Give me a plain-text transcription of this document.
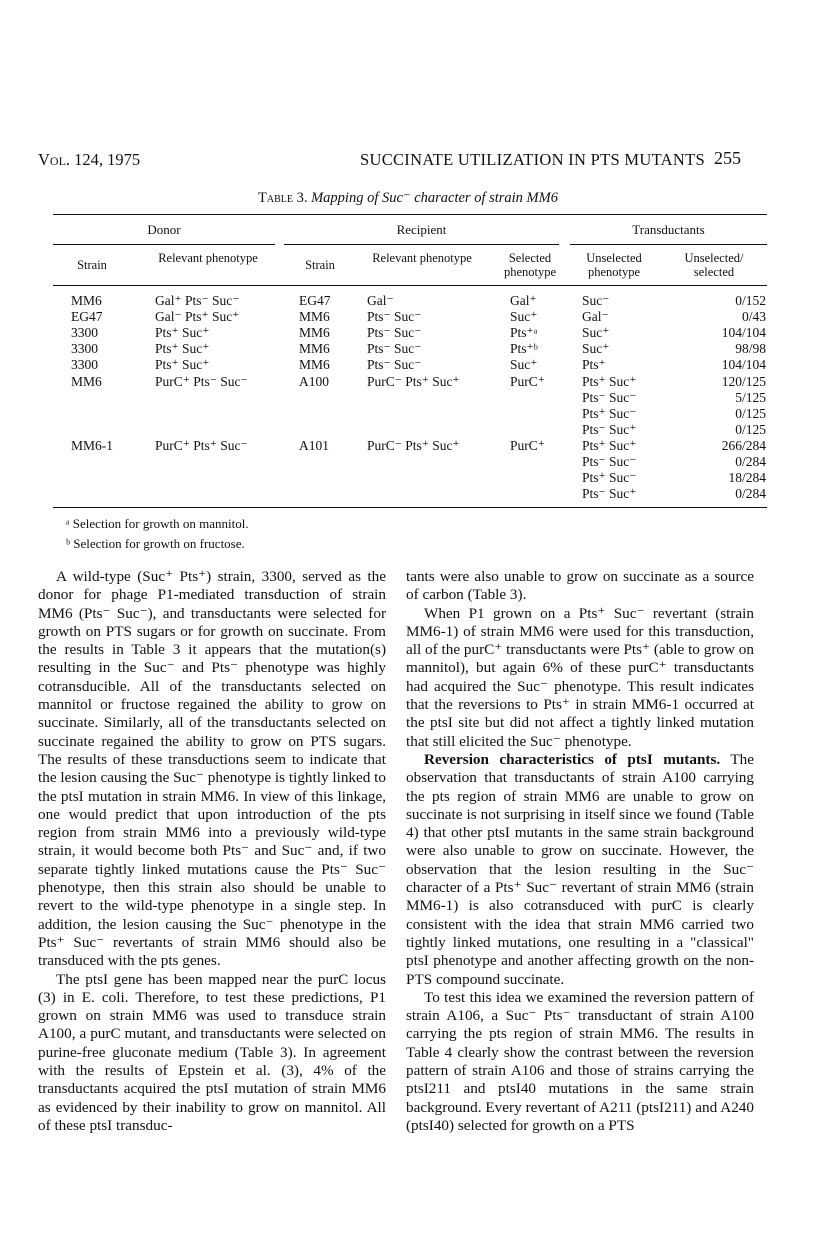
Vol. 124, 1975	SUCCINATE UTILIZATION IN PTS MUTANTS 255
Table 3. Mapping of Suc⁻ character of strain MM6
Donor	Recipient	Transductants
Strain	Relevant phenotype	Strain	Relevant phenotype	Selected phenotype
Unselected phenotype
Unselected/ selected
MM6	Gal⁺ Pts⁻ Suc⁻	EG47	Gal⁻	Gal⁺	Suc⁻	0/152
EG47	Gal⁻ Pts⁺ Suc⁺	MM6	Pts⁻ Suc⁻	Suc⁺	Gal⁻	0/43
3300	Pts⁺ Suc⁺	MM6	Pts⁻ Suc⁻	Pts⁺ᵃ	Suc⁺	104/104
3300	Pts⁺ Suc⁺	MM6	Pts⁻ Suc⁻	Pts⁺ᵇ	Suc⁺	98/98
3300	Pts⁺ Suc⁺	MM6	Pts⁻ Suc⁻	Suc⁺	Pts⁺	104/104
MM6	PurC⁺ Pts⁻ Suc⁻	A100	PurC⁻ Pts⁺ Suc⁺	PurC⁺	Pts⁺ Suc⁺	120/125
Pts⁻ Suc⁻	5/125
Pts⁺ Suc⁻	0/125
Pts⁻ Suc⁺	0/125
MM6-1	PurC⁺ Pts⁺ Suc⁻	A101	PurC⁻ Pts⁺ Suc⁺	PurC⁺	Pts⁺ Suc⁺	266/284
Pts⁻ Suc⁻	0/284
Pts⁺ Suc⁻	18/284
Pts⁻ Suc⁺	0/284
ᵃ Selection for growth on mannitol.
ᵇ Selection for growth on fructose.

A wild-type (Suc⁺ Pts⁺) strain, 3300, served as the donor for phage P1-mediated transduction of strain MM6 (Pts⁻ Suc⁻), and transductants were selected for growth on PTS sugars or for growth on succinate. From the results in Table 3 it appears that the mutation(s) resulting in the Suc⁻ and Pts⁻ phenotype was highly cotransducible. All of the transductants selected on mannitol or fructose regained the ability to grow on succinate. Similarly, all of the transductants selected on succinate regained the ability to grow on PTS sugars. The results of these transductions seem to indicate that the lesion causing the Suc⁻ phenotype is tightly linked to the ptsI mutation in strain MM6. In view of this linkage, one would predict that upon introduction of the pts region from strain MM6 into a previously wild-type strain, it would become both Pts⁻ and Suc⁻ and, if two separate tightly linked mutations cause the Pts⁻ Suc⁻ phenotype, then this strain also should be unable to revert to the wild-type phenotype in a single step. In addition, the lesion causing the Suc⁻ phenotype in the Pts⁺ Suc⁻ revertants of strain MM6 should also be transduced with the pts genes.

The ptsI gene has been mapped near the purC locus (3) in E. coli. Therefore, to test these predictions, P1 grown on strain MM6 was used to transduce strain A100, a purC mutant, and transductants were selected on purine-free gluconate medium (Table 3). In agreement with the results of Epstein et al. (3), 4% of the transductants acquired the ptsI mutation of strain MM6 as evidenced by their inability to grow on mannitol. All of these ptsI transduc-

tants were also unable to grow on succinate as a source of carbon (Table 3).

When P1 grown on a Pts⁺ Suc⁻ revertant (strain MM6-1) of strain MM6 were used for this transduction, all of the purC⁺ transductants were Pts⁺ (able to grow on mannitol), but again 6% of these purC⁺ transductants had acquired the Suc⁻ phenotype. This result indicates that the reversions to Pts⁺ in strain MM6-1 occurred at the ptsI site but did not affect a tightly linked mutation that still elicited the Suc⁻ phenotype.

Reversion characteristics of ptsI mutants. The observation that transductants of strain A100 carrying the pts region of strain MM6 are unable to grow on succinate is not surprising in itself since we found (Table 4) that other ptsI mutants in the same strain background were also unable to grow on succinate. However, the observation that the lesion resulting in the Suc⁻ character of a Pts⁺ Suc⁻ revertant of strain MM6 (strain MM6-1) is also cotransduced with purC is clearly consistent with the idea that strain MM6 carried two tightly linked mutations, one resulting in a "classical" ptsI phenotype and another affecting growth on the non-PTS compound succinate.

To test this idea we examined the reversion pattern of strain A106, a Suc⁻ Pts⁻ transductant of strain A100 carrying the pts region of strain MM6. The results in Table 4 clearly show the contrast between the reversion pattern of strain A106 and those of strains carrying the ptsI211 and ptsI40 mutations in the same strain background. Every revertant of A211 (ptsI211) and A240 (ptsI40) selected for growth on a PTS
